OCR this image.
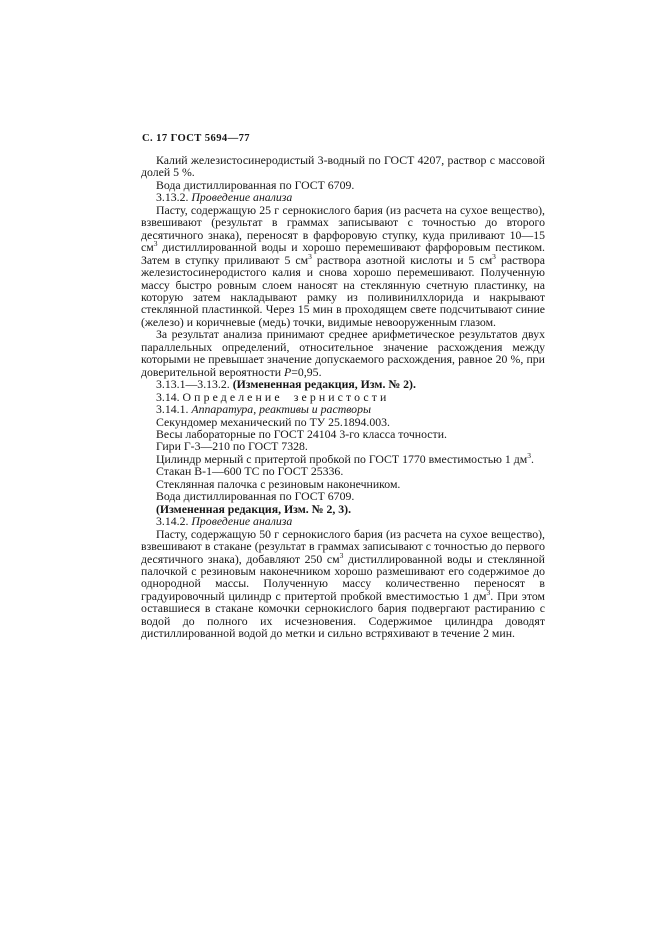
С. 17 ГОСТ 5694—77

Калий железистосинеродистый 3-водный по ГОСТ 4207, раствор с массовой долей 5 %.

Вода дистиллированная по ГОСТ 6709.

3.13.2. Проведение анализа

Пасту, содержащую 25 г сернокислого бария (из расчета на сухое вещество), взвешивают (результат в граммах записывают с точностью до второго десятичного знака), переносят в фарфоровую ступку, куда приливают 10—15 $см^3$ дистиллированной воды и хорошо перемешивают фарфоровым пестиком. Затем в ступку приливают 5 $см^3$ раствора азотной кислоты и 5 $см^3$ раствора железистосинеродистого калия и снова хорошо перемешивают. Полученную массу быстро ровным слоем наносят на стеклянную счетную пластинку, на которую затем накладывают рамку из поливинилхлорида и накрывают стеклянной пластинкой. Через 15 мин в проходящем свете подсчитывают синие (железо) и коричневые (медь) точки, видимые невооруженным глазом.

За результат анализа принимают среднее арифметическое результатов двух параллельных определений, относительное значение расхождения между которыми не превышает значение допускаемого расхождения, равное 20 %, при доверительной вероятности Р=0,95.

3.13.1—3.13.2. (Измененная редакция, Изм. № 2).

3.14. Определение зернистости

3.14.1. Аппаратура, реактивы и растворы

Секундомер механический по ТУ 25.1894.003.

Весы лабораторные по ГОСТ 24104 3-го класса точности.

Гири Г-3—210 по ГОСТ 7328.

Цилиндр мерный с притертой пробкой по ГОСТ 1770 вместимостью 1 $дм^3$.

Стакан В-1—600 ТС по ГОСТ 25336.

Стеклянная палочка с резиновым наконечником.

Вода дистиллированная по ГОСТ 6709.

(Измененная редакция, Изм. № 2, 3).

3.14.2. Проведение анализа

Пасту, содержащую 50 г сернокислого бария (из расчета на сухое вещество), взвешивают в стакане (результат в граммах записывают с точностью до первого десятичного знака), добавляют 250 $см^3$ дистиллированной воды и стеклянной палочкой с резиновым наконечником хорошо размешивают его содержимое до однородной массы. Полученную массу количественно переносят в градуировочный цилиндр с притертой пробкой вместимостью 1 $дм^3$. При этом оставшиеся в стакане комочки сернокислого бария подвергают растиранию с водой до полного их исчезновения. Содержимое цилиндра доводят дистиллированной водой до метки и сильно встряхивают в течение 2 мин.
